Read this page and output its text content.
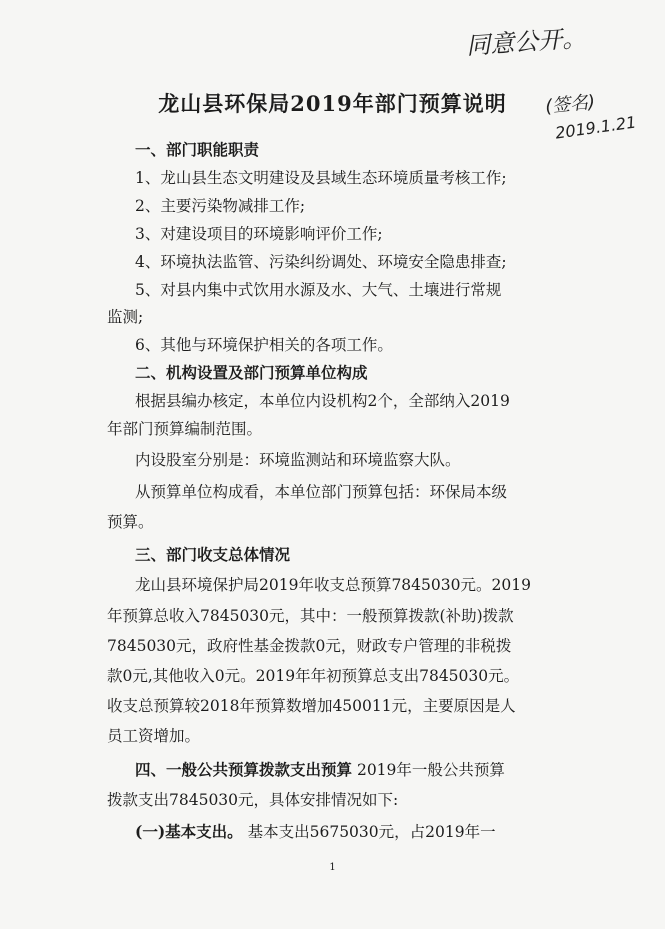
同意公开。
(签名)
2019.1.21
龙山县环保局2019年部门预算说明

一、部门职能职责

1、龙山县生态文明建设及县域生态环境质量考核工作;

2、主要污染物减排工作;

3、对建设项目的环境影响评价工作;

4、环境执法监管、污染纠纷调处、环境安全隐患排查;

5、对县内集中式饮用水源及水、大气、土壤进行常规

监测;

6、其他与环境保护相关的各项工作。

二、机构设置及部门预算单位构成

根据县编办核定，本单位内设机构2个，全部纳入2019

年部门预算编制范围。

内设股室分别是：环境监测站和环境监察大队。

从预算单位构成看，本单位部门预算包括：环保局本级

预算。

三、部门收支总体情况

龙山县环境保护局2019年收支总预算7845030元。2019

年预算总收入7845030元，其中：一般预算拨款(补助)拨款

7845030元，政府性基金拨款0元，财政专户管理的非税拨

款0元,其他收入0元。2019年年初预算总支出7845030元。

收支总预算较2018年预算数增加450011元，主要原因是人

员工资增加。

四、一般公共预算拨款支出预算 2019年一般公共预算

拨款支出7845030元，具体安排情况如下:

(一)基本支出。 基本支出5675030元，占2019年一

1
